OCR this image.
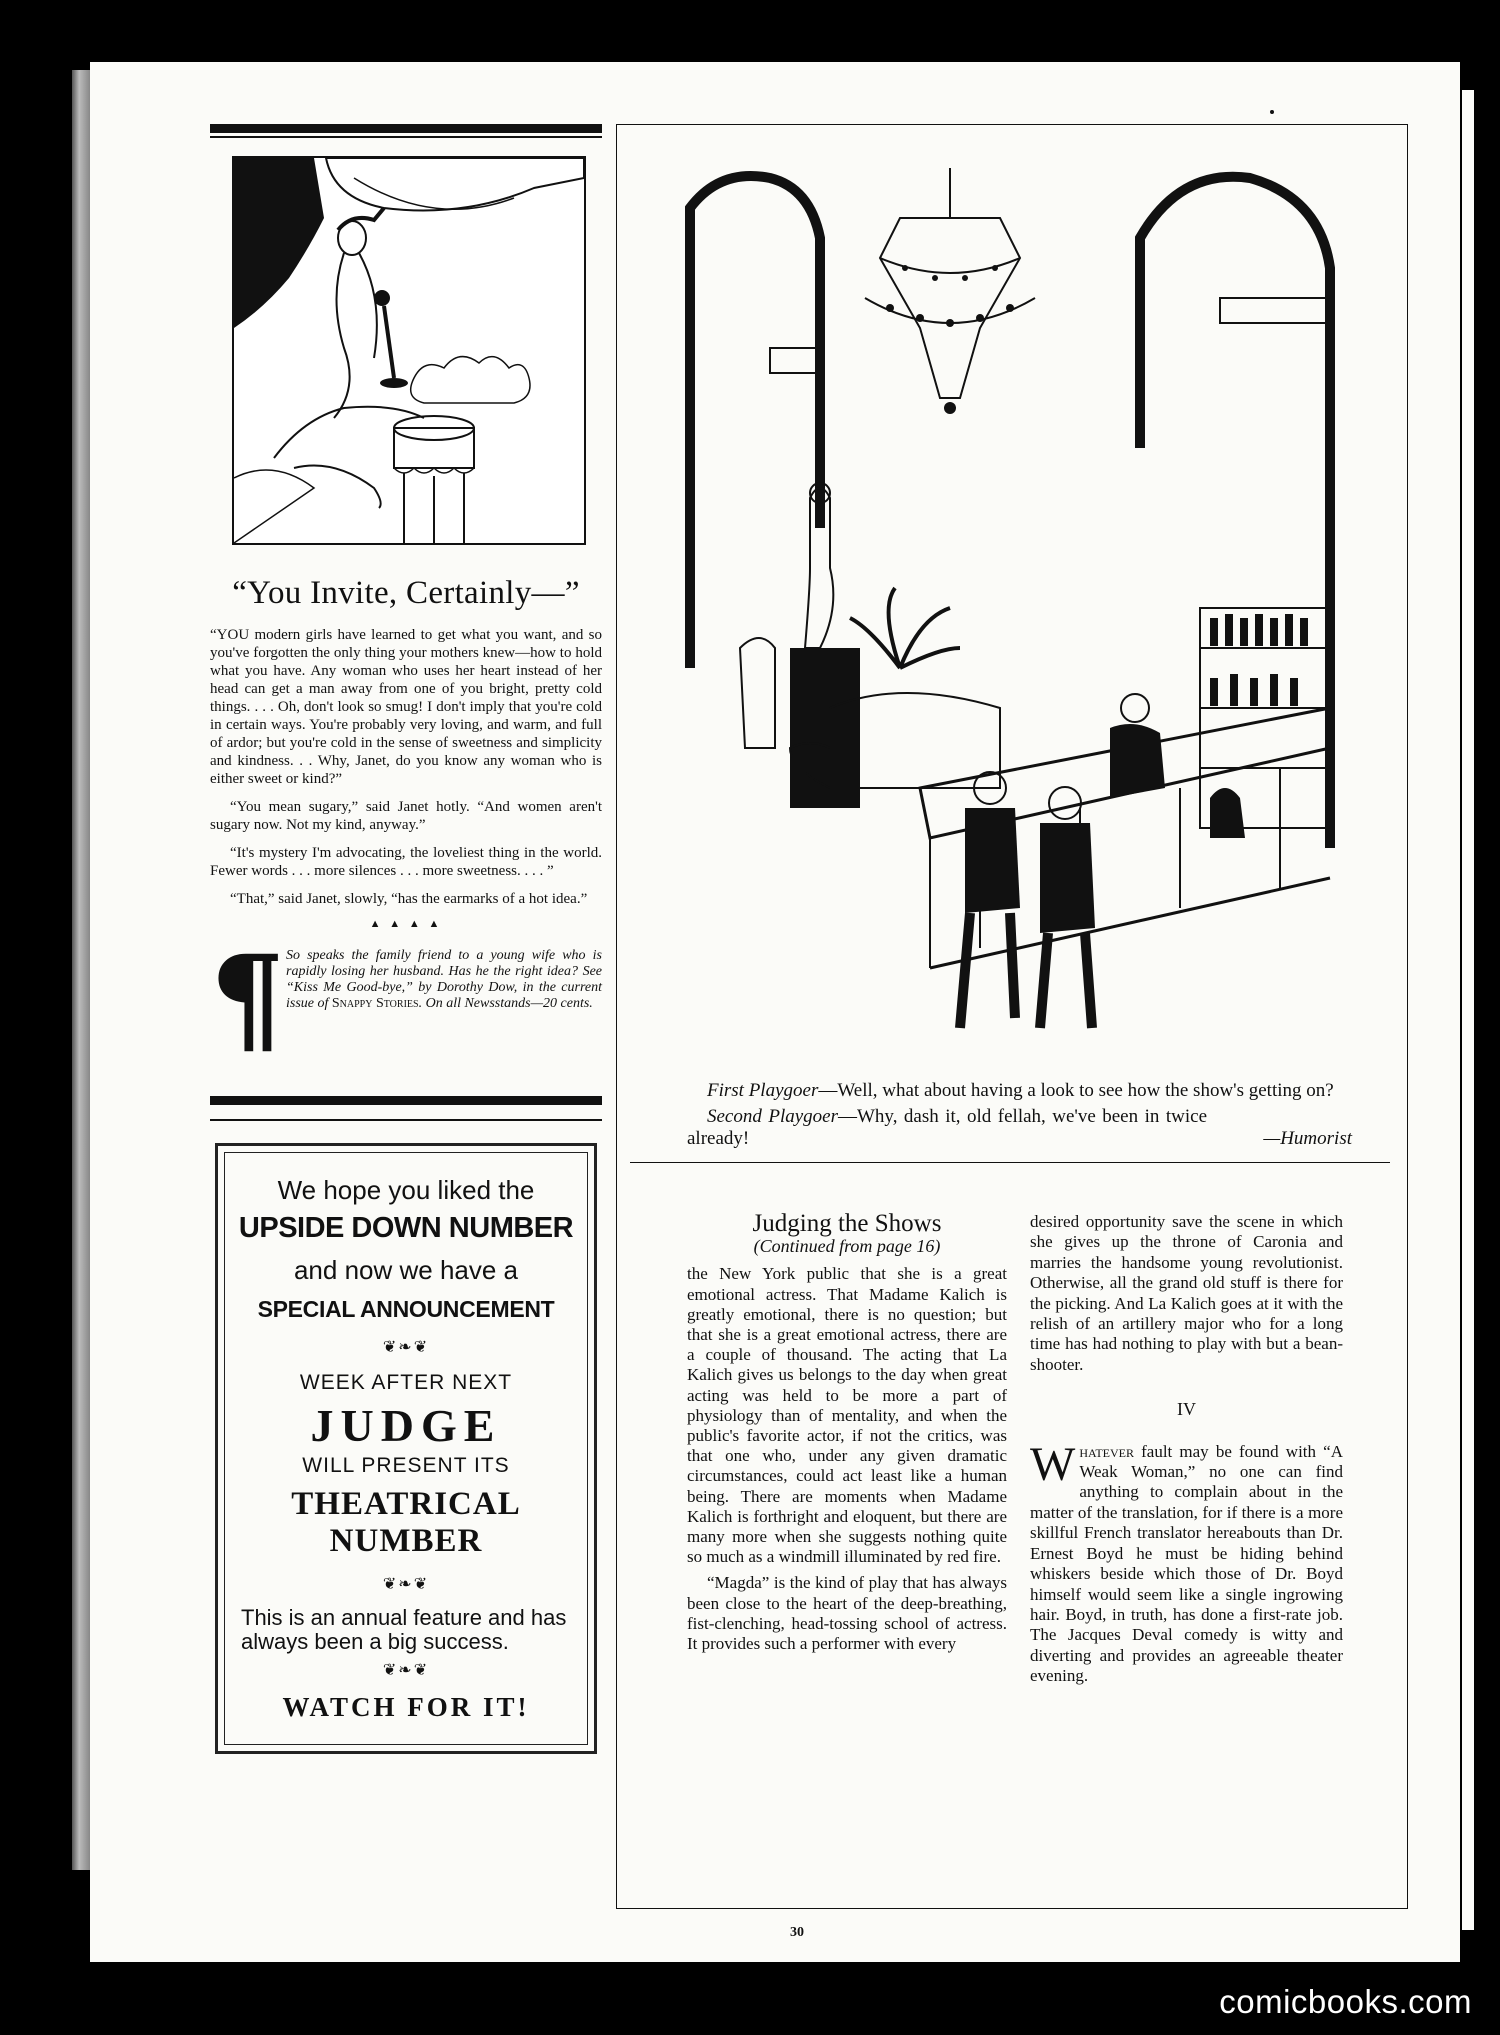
“You Invite, Certainly—”

“YOU modern girls have learned to get what you want, and so you've forgotten the only thing your mothers knew—how to hold what you have. Any woman who uses her heart instead of her head can get a man away from one of you bright, pretty cold things. . . . Oh, don't look so smug! I don't imply that you're cold in certain ways. You're probably very loving, and warm, and full of ardor; but you're cold in the sense of sweetness and simplicity and kindness. . . Why, Janet, do you know any woman who is either sweet or kind?”

“You mean sugary,” said Janet hotly. “And women aren't sugary now. Not my kind, anyway.”

“It's mystery I'm advocating, the loveliest thing in the world. Fewer words . . . more silences . . . more sweetness. . . . ”

“That,” said Janet, slowly, “has the earmarks of a hot idea.”

▲ ▲ ▲ ▲
¶ So speaks the family friend to a young wife who is rapidly losing her husband. Has he the right idea? See “Kiss Me Good-bye,” by Dorothy Dow, in the current issue of Snappy Stories. On all Newsstands—20 cents.
We hope you liked the
UPSIDE DOWN NUMBER
and now we have a
SPECIAL ANNOUNCEMENT
❦❧❦
WEEK AFTER NEXT
JUDGE
WILL PRESENT ITS
THEATRICAL
NUMBER
❦❧❦
This is an annual feature and has always been a big success.
❦❧❦
WATCH FOR IT!

First Playgoer—Well, what about having a look to see how the show's getting on?

Second Playgoer—Why, dash it, old fellah, we've been in twice already!	—Humorist

Judging the Shows
(Continued from page 16)

the New York public that she is a great emotional actress. That Madame Kalich is greatly emotional, there is no question; but that she is a great emotional actress, there are a couple of thousand. The acting that La Kalich gives us belongs to the day when great acting was held to be more a part of physiology than of mentality, and when the public's favorite actor, if not the critics, was that one who, under any given dramatic circumstances, could act least like a human being. There are moments when Madame Kalich is forthright and eloquent, but there are many more when she suggests nothing quite so much as a windmill illuminated by red fire.

“Magda” is the kind of play that has always been close to the heart of the deep-breathing, fist-clenching, head-tossing school of actress. It provides such a performer with every

desired opportunity save the scene in which she gives up the throne of Caronia and marries the handsome young revolutionist. Otherwise, all the grand old stuff is there for the picking. And La Kalich goes at it with the relish of an artillery major who for a long time has had nothing to play with but a bean-shooter.

IV

Whatever fault may be found with “A Weak Woman,” no one can find anything to complain about in the matter of the translation, for if there is a more skillful French translator hereabouts than Dr. Ernest Boyd he must be hiding behind whiskers beside which those of Dr. Boyd himself would seem like a single ingrowing hair. Boyd, in truth, has done a first-rate job. The Jacques Deval comedy is witty and diverting and provides an agreeable theater evening.

30
comicbooks.com
